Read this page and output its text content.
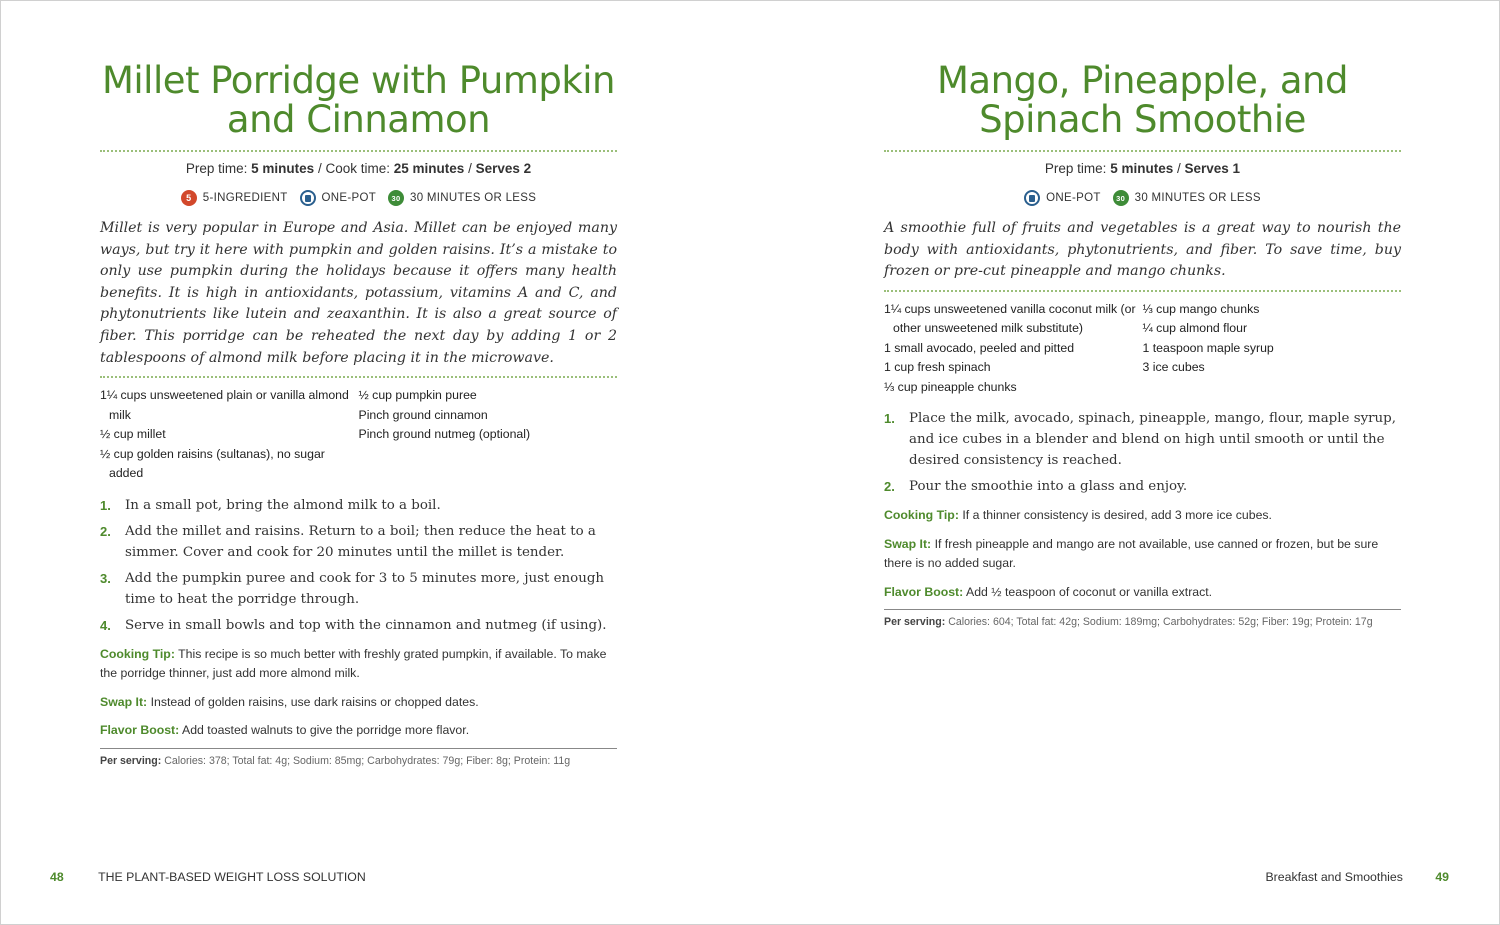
Millet Porridge with Pumpkin
and Cinnamon
Prep time: 5 minutes / Cook time: 25 minutes / Serves 2
5 5-INGREDIENT	ONE-POT	30 30 MINUTES OR LESS

Millet is very popular in Europe and Asia. Millet can be enjoyed many ways, but try it here with pumpkin and golden raisins. It’s a mistake to only use pumpkin during the holidays because it offers many health benefits. It is high in antioxidants, potassium, vitamins A and C, and phytonutrients like lutein and zeaxanthin. It is also a great source of fiber. This porridge can be reheated the next day by adding 1 or 2 tablespoons of almond milk before placing it in the microwave.

1¼ cups unsweetened plain or vanilla almond milk
½ cup millet
½ cup golden raisins (sultanas), no sugar added
½ cup pumpkin puree
Pinch ground cinnamon
Pinch ground nutmeg (optional)
1.	In a small pot, bring the almond milk to a boil.
2.	Add the millet and raisins. Return to a boil; then reduce the heat to a simmer. Cover and cook for 20 minutes until the millet is tender.
3.	Add the pumpkin puree and cook for 3 to 5 minutes more, just enough time to heat the porridge through.
4.	Serve in small bowls and top with the cinnamon and nutmeg (if using).

Cooking Tip: This recipe is so much better with freshly grated pumpkin, if available. To make the porridge thinner, just add more almond milk.

Swap It: Instead of golden raisins, use dark raisins or chopped dates.

Flavor Boost: Add toasted walnuts to give the porridge more flavor.

Per serving: Calories: 378; Total fat: 4g; Sodium: 85mg; Carbohydrates: 79g; Fiber: 8g; Protein: 11g
Mango, Pineapple, and
Spinach Smoothie
Prep time: 5 minutes / Serves 1
ONE-POT	30 30 MINUTES OR LESS

A smoothie full of fruits and vegetables is a great way to nourish the body with antioxidants, phytonutrients, and fiber. To save time, buy frozen or pre-cut pineapple and mango chunks.

1¼ cups unsweetened vanilla coconut milk (or other unsweetened milk substitute)
1 small avocado, peeled and pitted
1 cup fresh spinach
⅓ cup pineapple chunks
⅓ cup mango chunks
¼ cup almond flour
1 teaspoon maple syrup
3 ice cubes
1.	Place the milk, avocado, spinach, pineapple, mango, flour, maple syrup, and ice cubes in a blender and blend on high until smooth or until the desired consistency is reached.
2.	Pour the smoothie into a glass and enjoy.

Cooking Tip: If a thinner consistency is desired, add 3 more ice cubes.

Swap It: If fresh pineapple and mango are not available, use canned or frozen, but be sure there is no added sugar.

Flavor Boost: Add ½ teaspoon of coconut or vanilla extract.

Per serving: Calories: 604; Total fat: 42g; Sodium: 189mg; Carbohydrates: 52g; Fiber: 19g; Protein: 17g
48	THE PLANT-BASED WEIGHT LOSS SOLUTION	Breakfast and Smoothies	49
